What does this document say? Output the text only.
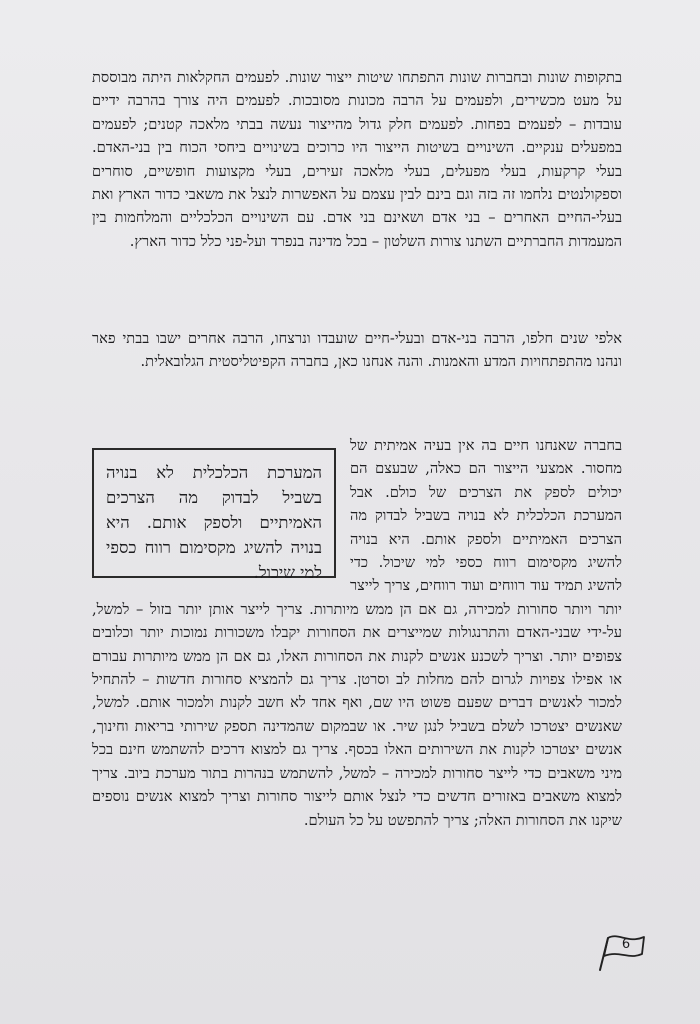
בתקופות שונות ובחברות שונות התפתחו שיטות ייצור שונות. לפעמים החקלאות היתה מבוססת על מעט מכשירים, ולפעמים על הרבה מכונות מסובכות. לפעמים היה צורך בהרבה ידיים עובדות – לפעמים בפחות. לפעמים חלק גדול מהייצור נעשה בבתי מלאכה קטנים; לפעמים במפעלים ענקיים. השינויים בשיטות הייצור היו כרוכים בשינויים ביחסי הכוח בין בני-האדם. בעלי קרקעות, בעלי מפעלים, בעלי מלאכה זעירים, בעלי מקצועות חופשיים, סוחרים וספקולנטים נלחמו זה בזה וגם בינם לבין עצמם על האפשרות לנצל את משאבי כדור הארץ ואת בעלי-החיים האחרים – בני אדם ושאינם בני אדם. עם השינויים הכלכליים והמלחמות בין המעמדות החברתיים השתנו צורות השלטון – בכל מדינה בנפרד ועל-פני כלל כדור הארץ.

אלפי שנים חלפו, הרבה בני-אדם ובעלי-חיים שועבדו ונרצחו, הרבה אחרים ישבו בבתי פאר ונהנו מהתפתחויות המדע והאמנות. והנה אנחנו כאן, בחברה הקפיטליסטית הגלובאלית.

המערכת הכלכלית לא בנויה בשביל לבדוק מה הצרכים האמיתיים ולספק אותם. היא בנויה להשיג מקסימום רווח כספי למי שיכול.

בחברה שאנחנו חיים בה אין בעיה אמיתית של מחסור. אמצעי הייצור הם כאלה, שבעצם הם יכולים לספק את הצרכים של כולם. אבל המערכת הכלכלית לא בנויה בשביל לבדוק מה הצרכים האמיתיים ולספק אותם. היא בנויה להשיג מקסימום רווח כספי למי שיכול. כדי להשיג תמיד עוד רווחים ועוד רווחים, צריך לייצר יותר ויותר סחורות למכירה, גם אם הן ממש מיותרות. צריך לייצר אותן יותר בזול – למשל, על-ידי שבני-האדם והתרנגולות שמייצרים את הסחורות יקבלו משכורות נמוכות יותר וכלובים צפופים יותר. וצריך לשכנע אנשים לקנות את הסחורות האלו, גם אם הן ממש מיותרות עבורם או אפילו צפויות לגרום להם מחלות לב וסרטן. צריך גם להמציא סחורות חדשות – להתחיל למכור לאנשים דברים שפעם פשוט היו שם, ואף אחד לא חשב לקנות ולמכור אותם. למשל, שאנשים יצטרכו לשלם בשביל לנגן שיר. או שבמקום שהמדינה תספק שירותי בריאות וחינוך, אנשים יצטרכו לקנות את השירותים האלו בכסף. צריך גם למצוא דרכים להשתמש חינם בכל מיני משאבים כדי לייצר סחורות למכירה – למשל, להשתמש בנהרות בתור מערכת ביוב. צריך למצוא משאבים באזורים חדשים כדי לנצל אותם לייצור סחורות וצריך למצוא אנשים נוספים שיקנו את הסחורות האלה; צריך להתפשט על כל העולם.

6
